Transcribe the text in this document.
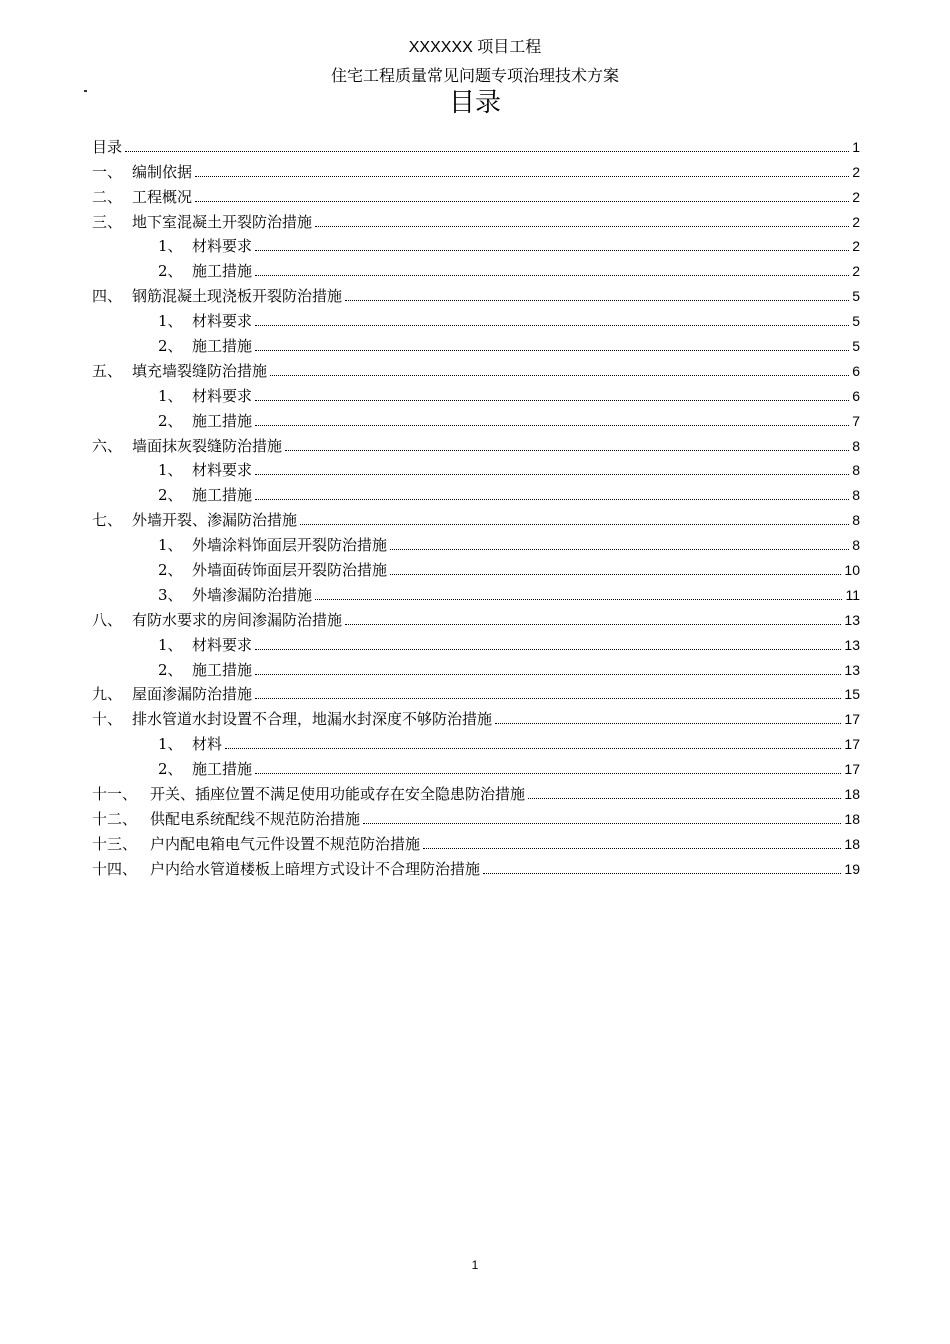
XXXXXX 项目工程
住宅工程质量常见问题专项治理技术方案
目录
目录	1
一、 编制依据	2
二、 工程概况	2
三、 地下室混凝土开裂防治措施	2
1、 材料要求	2
2、 施工措施	2
四、 钢筋混凝土现浇板开裂防治措施	5
1、 材料要求	5
2、 施工措施	5
五、 填充墙裂缝防治措施	6
1、 材料要求	6
2、 施工措施	7
六、 墙面抹灰裂缝防治措施	8
1、 材料要求	8
2、 施工措施	8
七、 外墙开裂、渗漏防治措施	8
1、 外墙涂料饰面层开裂防治措施	8
2、 外墙面砖饰面层开裂防治措施	10
3、 外墙渗漏防治措施	11
八、 有防水要求的房间渗漏防治措施	13
1、 材料要求	13
2、 施工措施	13
九、 屋面渗漏防治措施	15
十、 排水管道水封设置不合理，地漏水封深度不够防治措施	17
1、 材料	17
2、 施工措施	17
十一、 开关、插座位置不满足使用功能或存在安全隐患防治措施	18
十二、 供配电系统配线不规范防治措施	18
十三、 户内配电箱电气元件设置不规范防治措施	18
十四、 户内给水管道楼板上暗埋方式设计不合理防治措施	19
1
